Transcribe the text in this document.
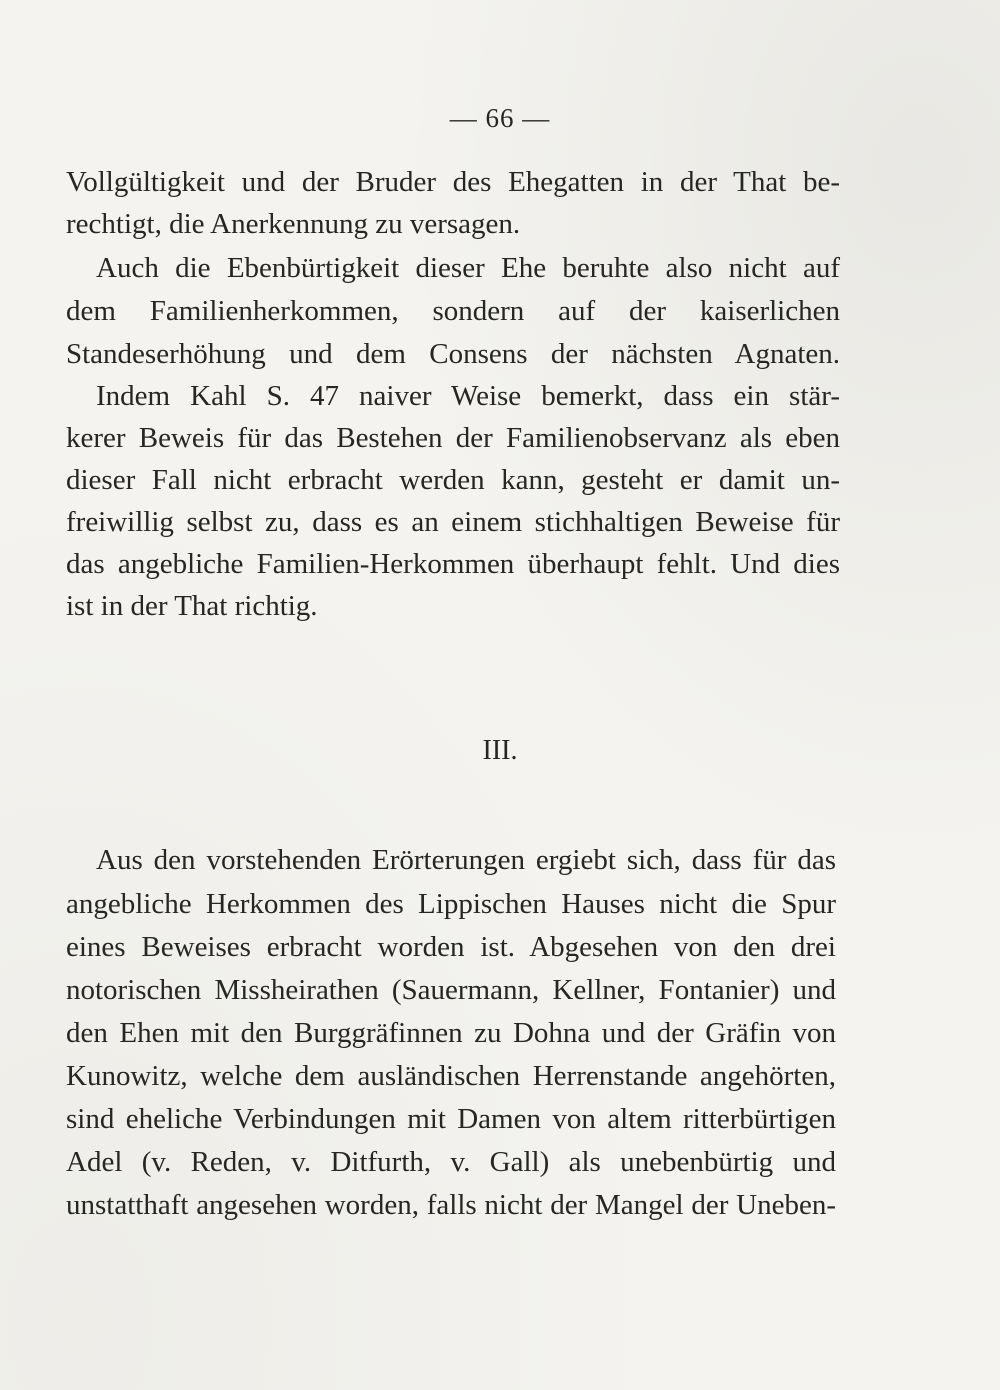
— 66 —

Vollgültigkeit und der Bruder des Ehegatten in der That be-

rechtigt, die Anerkennung zu versagen.

Auch die Ebenbürtigkeit dieser Ehe beruhte also nicht auf

dem Familienherkommen, sondern auf der kaiserlichen

Standeserhöhung und dem Consens der nächsten Agnaten.

Indem Kahl S. 47 naiver Weise bemerkt, dass ein stär-

kerer Beweis für das Bestehen der Familienobservanz als eben

dieser Fall nicht erbracht werden kann, gesteht er damit un-

freiwillig selbst zu, dass es an einem stichhaltigen Beweise für

das angebliche Familien-Herkommen überhaupt fehlt. Und dies

ist in der That richtig.

III.

Aus den vorstehenden Erörterungen ergiebt sich, dass für das

angebliche Herkommen des Lippischen Hauses nicht die Spur

eines Beweises erbracht worden ist. Abgesehen von den drei

notorischen Missheirathen (Sauermann, Kellner, Fontanier) und

den Ehen mit den Burggräfinnen zu Dohna und der Gräfin von

Kunowitz, welche dem ausländischen Herrenstande angehörten,

sind eheliche Verbindungen mit Damen von altem ritterbürtigen

Adel (v. Reden, v. Ditfurth, v. Gall) als unebenbürtig und

unstatthaft angesehen worden, falls nicht der Mangel der Uneben-
